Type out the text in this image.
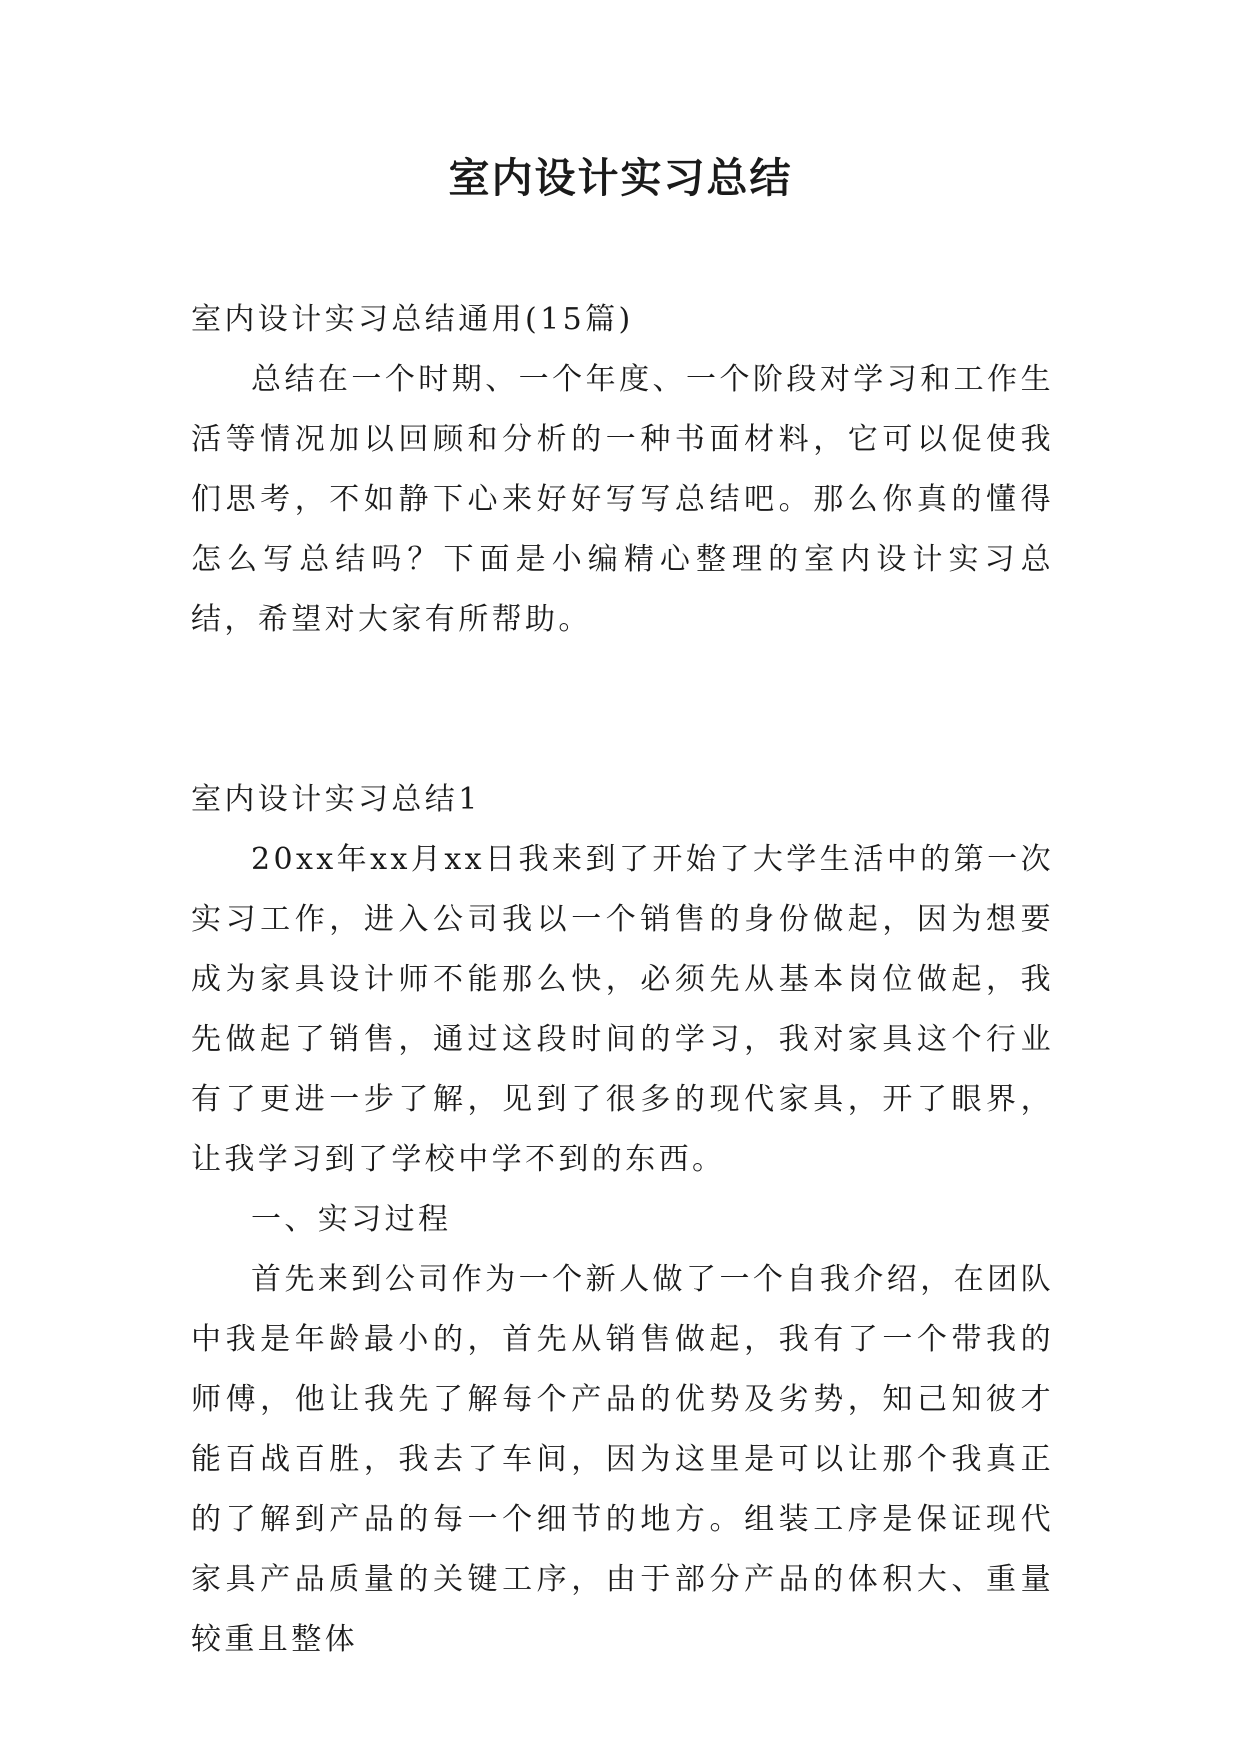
室内设计实习总结

室内设计实习总结通用(15篇)

总结在一个时期、一个年度、一个阶段对学习和工作生活等情况加以回顾和分析的一种书面材料，它可以促使我们思考，不如静下心来好好写写总结吧。那么你真的懂得怎么写总结吗？下面是小编精心整理的室内设计实习总结，希望对大家有所帮助。

室内设计实习总结1

20xx年xx月xx日我来到了开始了大学生活中的第一次实习工作，进入公司我以一个销售的身份做起，因为想要成为家具设计师不能那么快，必须先从基本岗位做起，我先做起了销售，通过这段时间的学习，我对家具这个行业有了更进一步了解，见到了很多的现代家具，开了眼界，让我学习到了学校中学不到的东西。

一、实习过程

首先来到公司作为一个新人做了一个自我介绍，在团队中我是年龄最小的，首先从销售做起，我有了一个带我的师傅，他让我先了解每个产品的优势及劣势，知己知彼才能百战百胜，我去了车间，因为这里是可以让那个我真正的了解到产品的每一个细节的地方。组装工序是保证现代家具产品质量的关键工序，由于部分产品的体积大、重量较重且整体
